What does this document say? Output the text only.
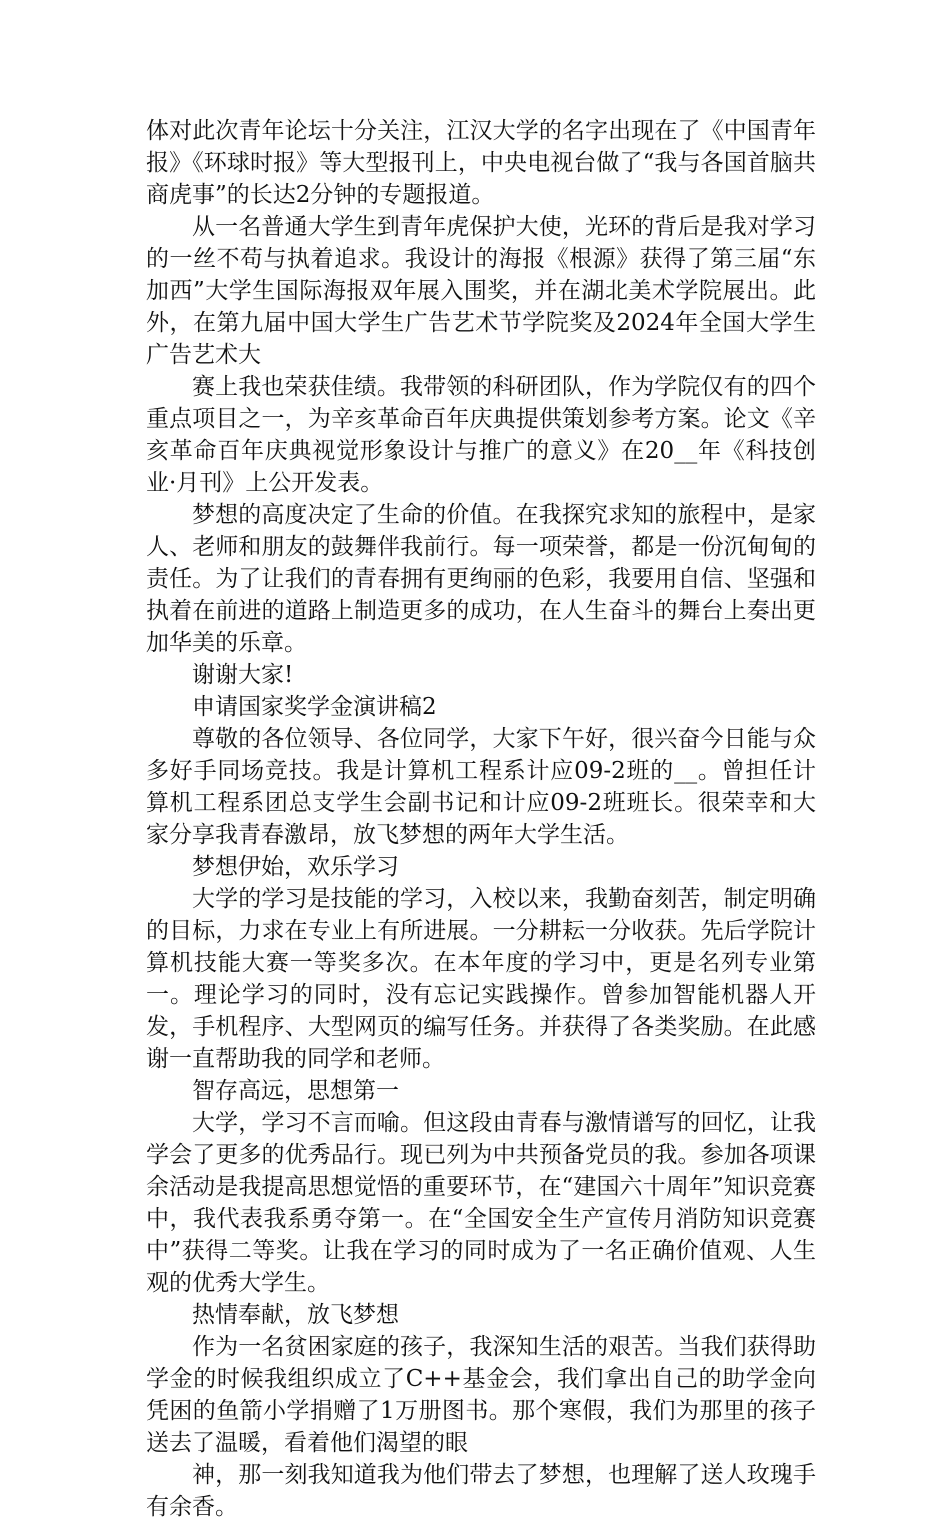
体对此次青年论坛十分关注，江汉大学的名字出现在了《中国青年报》《环球时报》等大型报刊上，中央电视台做了“我与各国首脑共商虎事”的长达2分钟的专题报道。

从一名普通大学生到青年虎保护大使，光环的背后是我对学习的一丝不苟与执着追求。我设计的海报《根源》获得了第三届“东加西”大学生国际海报双年展入围奖，并在湖北美术学院展出。此外，在第九届中国大学生广告艺术节学院奖及2024年全国大学生广告艺术大

赛上我也荣获佳绩。我带领的科研团队，作为学院仅有的四个重点项目之一，为辛亥革命百年庆典提供策划参考方案。论文《辛亥革命百年庆典视觉形象设计与推广的意义》在20__年《科技创业·月刊》上公开发表。

梦想的高度决定了生命的价值。在我探究求知的旅程中，是家人、老师和朋友的鼓舞伴我前行。每一项荣誉，都是一份沉甸甸的责任。为了让我们的青春拥有更绚丽的色彩，我要用自信、坚强和执着在前进的道路上制造更多的成功，在人生奋斗的舞台上奏出更加华美的乐章。

谢谢大家!

申请国家奖学金演讲稿2

尊敬的各位领导、各位同学，大家下午好，很兴奋今日能与众多好手同场竞技。我是计算机工程系计应09-2班的__。曾担任计算机工程系团总支学生会副书记和计应09-2班班长。很荣幸和大家分享我青春激昂，放飞梦想的两年大学生活。

梦想伊始，欢乐学习

大学的学习是技能的学习，入校以来，我勤奋刻苦，制定明确的目标，力求在专业上有所进展。一分耕耘一分收获。先后学院计算机技能大赛一等奖多次。在本年度的学习中，更是名列专业第一。理论学习的同时，没有忘记实践操作。曾参加智能机器人开发，手机程序、大型网页的编写任务。并获得了各类奖励。在此感谢一直帮助我的同学和老师。

智存高远，思想第一

大学，学习不言而喻。但这段由青春与激情谱写的回忆，让我学会了更多的优秀品行。现已列为中共预备党员的我。参加各项课余活动是我提高思想觉悟的重要环节，在“建国六十周年”知识竞赛中，我代表我系勇夺第一。在“全国安全生产宣传月消防知识竞赛中”获得二等奖。让我在学习的同时成为了一名正确价值观、人生观的优秀大学生。

热情奉献，放飞梦想

作为一名贫困家庭的孩子，我深知生活的艰苦。当我们获得助学金的时候我组织成立了C++基金会，我们拿出自己的助学金向凭困的鱼箭小学捐赠了1万册图书。那个寒假，我们为那里的孩子送去了温暖，看着他们渴望的眼

神，那一刻我知道我为他们带去了梦想，也理解了送人玫瑰手有余香。
